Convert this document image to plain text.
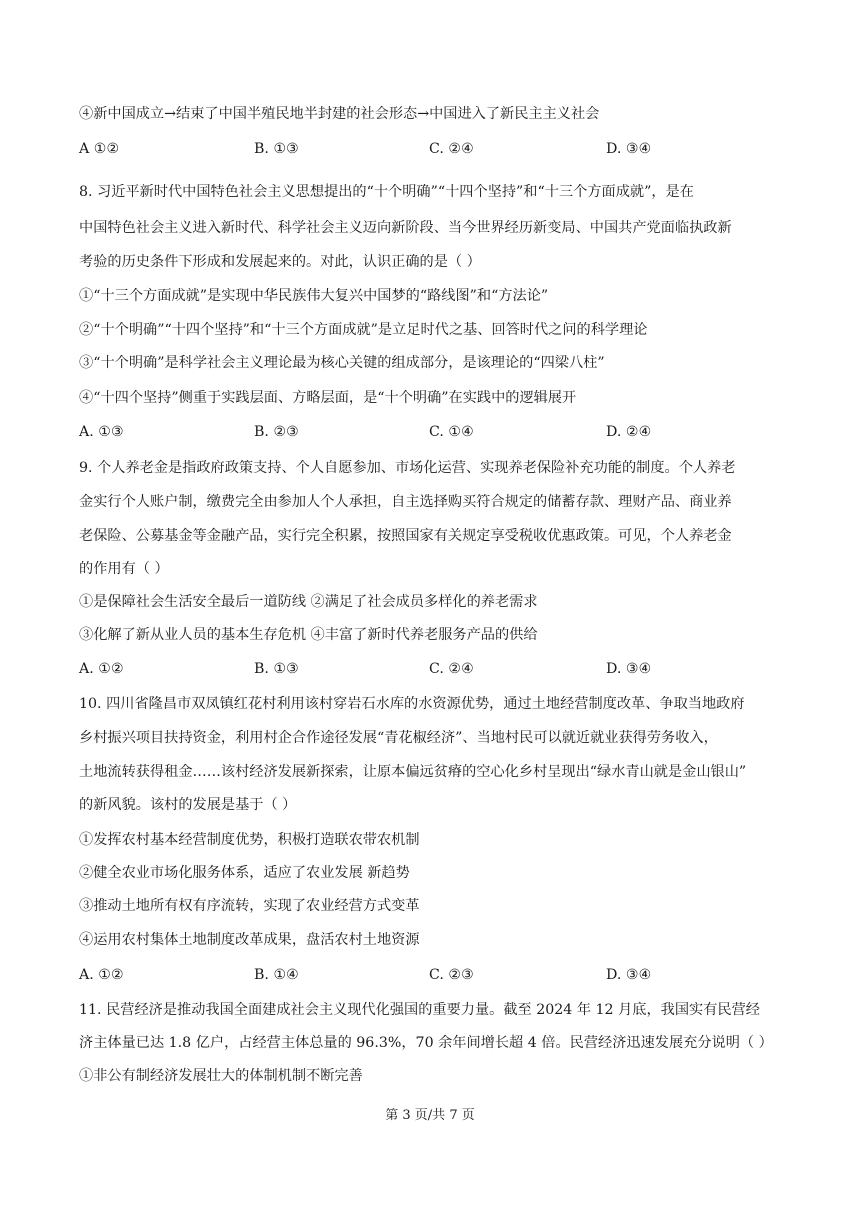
④新中国成立→结束了中国半殖民地半封建的社会形态→中国进入了新民主主义社会
A ①②	B. ①③	C. ②④	D. ③④
8. 习近平新时代中国特色社会主义思想提出的“十个明确”“十四个坚持”和“十三个方面成就”，是在
中国特色社会主义进入新时代、科学社会主义迈向新阶段、当今世界经历新变局、中国共产党面临执政新
考验的历史条件下形成和发展起来的。对此，认识正确的是（ ）
①“十三个方面成就”是实现中华民族伟大复兴中国梦的“路线图”和“方法论”
②“十个明确”“十四个坚持”和“十三个方面成就”是立足时代之基、回答时代之问的科学理论
③“十个明确”是科学社会主义理论最为核心关键的组成部分，是该理论的“四梁八柱”
④“十四个坚持”侧重于实践层面、方略层面，是“十个明确”在实践中的逻辑展开
A. ①③	B. ②③	C. ①④	D. ②④
9. 个人养老金是指政府政策支持、个人自愿参加、市场化运营、实现养老保险补充功能的制度。个人养老
金实行个人账户制，缴费完全由参加人个人承担，自主选择购买符合规定的储蓄存款、理财产品、商业养
老保险、公募基金等金融产品，实行完全积累，按照国家有关规定享受税收优惠政策。可见，个人养老金
的作用有（ ）
①是保障社会生活安全最后一道防线 ②满足了社会成员多样化的养老需求
③化解了新从业人员的基本生存危机 ④丰富了新时代养老服务产品的供给
A. ①②	B. ①③	C. ②④	D. ③④
10. 四川省隆昌市双凤镇红花村利用该村穿岩石水库的水资源优势，通过土地经营制度改革、争取当地政府
乡村振兴项目扶持资金，利用村企合作途径发展“青花椒经济”、当地村民可以就近就业获得劳务收入，
土地流转获得租金……该村经济发展新探索，让原本偏远贫瘠的空心化乡村呈现出“绿水青山就是金山银山”
的新风貌。该村的发展是基于（ ）
①发挥农村基本经营制度优势，积极打造联农带农机制
②健全农业市场化服务体系，适应了农业发展 新趋势
③推动土地所有权有序流转，实现了农业经营方式变革
④运用农村集体土地制度改革成果，盘活农村土地资源
A. ①②	B. ①④	C. ②③	D. ③④
11. 民营经济是推动我国全面建成社会主义现代化强国的重要力量。截至 2024 年 12 月底，我国实有民营经
济主体量已达 1.8 亿户，占经营主体总量的 96.3%，70 余年间增长超 4 倍。民营经济迅速发展充分说明（ ）
①非公有制经济发展壮大的体制机制不断完善
第 3 页/共 7 页
